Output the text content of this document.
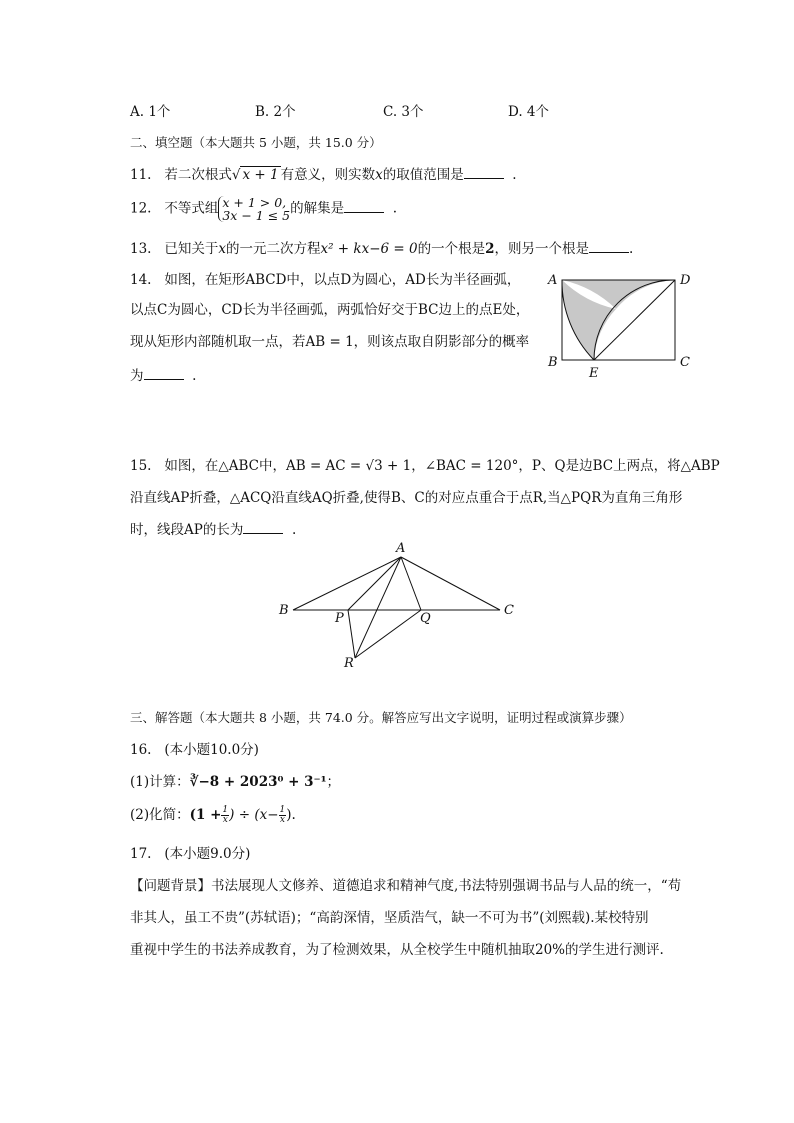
A. 1个	B. 2个	C. 3个	D. 4个
二、填空题（本大题共 5 小题，共 15.0 分）
11. 若二次根式√ x + 1 有意义，则实数x的取值范围是	.
12. 不等式组 x + 1 > 0,
3x − 1 ≤ 5 的解集是	.
13. 已知关于x的一元二次方程x² + kx−6 = 0的一个根是2，则另一个根是	.
14. 如图，在矩形ABCD中，以点D为圆心，AD长为半径画弧，
以点C为圆心，CD长为半径画弧，两弧恰好交于BC边上的点E处，
现从矩形内部随机取一点，若AB = 1，则该点取自阴影部分的概率
为	.
A	D
B	C
E
15. 如图，在△ABC中，AB = AC = √3 + 1，∠BAC = 120°，P、Q是边BC上两点，将△ABP
沿直线AP折叠，△ACQ沿直线AQ折叠,使得B、C的对应点重合于点R,当△PQR为直角三角形
时，线段AP的长为	.
A
B	C
P	Q
R
三、解答题（本大题共 8 小题，共 74.0 分。解答应写出文字说明，证明过程或演算步骤）
16. (本小题10.0分)
(1)计算：∛−8 + 2023⁰ + 3⁻¹；
(2)化简：($1 + \frac{1}{x}$ ) ÷ ($x- \frac{1}{x}$ ).
17. (本小题9.0分)
【问题背景】书法展现人文修养、道德追求和精神气度,书法特别强调书品与人品的统一，“苟
非其人，虽工不贵”(苏轼语)；“高韵深情，坚质浩气，缺一不可为书”(刘熙载).某校特别
重视中学生的书法养成教育，为了检测效果，从全校学生中随机抽取20%的学生进行测评.
